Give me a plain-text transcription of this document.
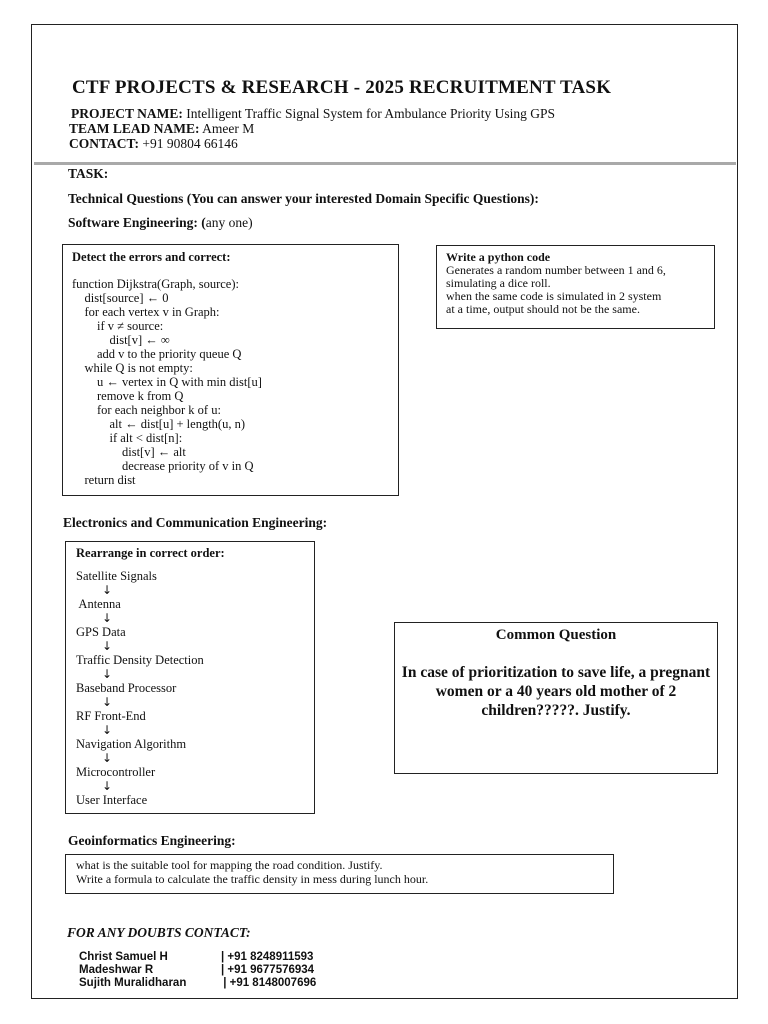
CTF PROJECTS & RESEARCH - 2025 RECRUITMENT TASK
PROJECT NAME: Intelligent Traffic Signal System for Ambulance Priority Using GPS
TEAM LEAD NAME: Ameer M
CONTACT: +91 90804 66146
TASK:
Technical Questions (You can answer your interested Domain Specific Questions):
Software Engineering: (any one)
Detect the errors and correct:
function Dijkstra(Graph, source):
dist[source] ← 0
for each vertex v in Graph:
if v ≠ source:
dist[v] ← ∞
add v to the priority queue Q
while Q is not empty:
u ← vertex in Q with min dist[u]
remove k from Q
for each neighbor k of u:
alt ← dist[u] + length(u, n)
if alt < dist[n]:
dist[v] ← alt
decrease priority of v in Q
return dist
Write a python code
Generates a random number between 1 and 6,
simulating a dice roll.
when the same code is simulated in 2 system
at a time, output should not be the same.
Electronics and Communication Engineering:
Rearrange in correct order:
Satellite Signals
↓
Antenna
↓
GPS Data
↓
Traffic Density Detection
↓
Baseband Processor
↓
RF Front-End
↓
Navigation Algorithm
↓
Microcontroller
↓
User Interface
Common Question
In case of prioritization to save life, a pregnant women or a 40 years old mother of 2 children?????. Justify.
Geoinformatics Engineering:
what is the suitable tool for mapping the road condition. Justify.
Write a formula to calculate the traffic density in mess during lunch hour.
FOR ANY DOUBTS CONTACT:
Christ Samuel H	| +91 8248911593
Madeshwar R	| +91 9677576934
Sujith Muralidharan	| +91 8148007696
